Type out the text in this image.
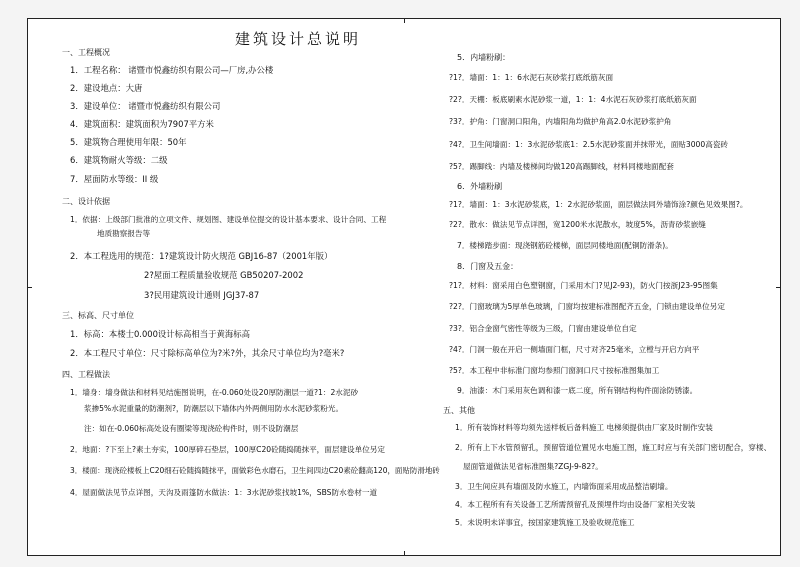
建筑设计总说明
一、工程概况
1．工程名称： 诸暨市悦鑫纺织有限公司—厂房,办公楼
2．建设地点：大唐
3．建设单位： 诸暨市悦鑫纺织有限公司
4．建筑面积：建筑面积为7907平方米
5．建筑物合理使用年限：50年
6．建筑物耐火等级：二级
7．屋面防水等级：II 级
二、设计依据
1．依据：上级部门批准的立项文件、规划图、建设单位提交的设计基本要求、设计合同、工程
地质勘察报告等
2．本工程选用的规范：1?建筑设计防火规范 GBJ16-87（2001年版）
2?屋面工程质量验收规范 GB50207-2002
3?民用建筑设计通则 JGJ37-87
三、标高、尺寸单位
1．标高：本楼士0.000设计标高相当于黄海标高
2．本工程尺寸单位：尺寸除标高单位为?米?外，其余尺寸单位均为?毫米?
四、工程做法
1．墙身：墙身做法和材料见结施图说明，在-0.060处设20厚防潮层一道?1：2水泥砂
浆掺5%水泥重量的防潮剂?，防潮层以下墙体内外两侧用防水水泥砂浆粉光。
注：如在-0.060标高处设有圈梁等现浇砼构件时，则不设防潮层
2．地面：?下至上?素土夯实，100厚碎石垫层，100厚C20砼随捣随抹平，面层建设单位另定
3．楼面：现浇砼楼板上C20细石砼随捣随抹平，面做彩色水磨石，卫生间四边C20素砼翻高120，面贴防滑地砖
4．屋面做法见节点详图，天沟及雨篷防水做法：1：3水泥砂浆找坡1%，SBS防水卷材一道
5．内墙粉刷：
?1?．墙面：1：1：6水泥石灰砂浆打底纸筋灰面
?2?．天棚：板底刷素水泥砂浆一道，1：1：4水泥石灰砂浆打底纸筋灰面
?3?．护角：门窗洞口阳角，内墙阳角均做护角高2.0水泥砂浆护角
?4?．卫生间墙面：1：3水泥砂浆底1：2.5水泥砂浆面并抹带光，面贴3000高瓷砖
?5?．踢脚线：内墙及楼梯间均做120高踢脚线，材料同楼地面配套
6．外墙粉刷
?1?．墙面：1：3水泥砂浆底，1：2水泥砂浆面，面层做法同外墙饰涂?颜色见效果图?。
?2?．散水：做法见节点详图，宽1200米水泥散水，坡度5%，沥青砂浆嵌缝
7．楼梯踏步面：现浇钢筋砼楼梯，面层同楼地面(配铜防滑条)。
8．门窗及五金：
?1?．材料：窗采用白色塑钢窗，门采用木门?见J2-93)，防火门按浙J23-95图集
?2?．门窗玻璃为5厚单色玻璃，门窗均按建标准图配齐五金，门锁由建设单位另定
?3?．铝合金窗气密性等级为三级，门窗由建设单位自定
?4?．门洞一般在开启一侧墙面门框，尺寸对齐25毫米，立樘与开启方向平
?5?．本工程中非标准门窗均参照门窗洞口尺寸按标准图集加工
9．油漆：木门采用灰色调和漆一底二度，所有钢结构构件面涂防锈漆。
五、其他
1．所有装饰材料等均须先送样板后备料施工 电梯须提供由厂家及时制作安装
2．所有上下水管预留孔，预留管道位置见水电施工图，施工时应与有关部门密切配合，穿楼、
屋面管道做法见省标准图集?ZGJ-9-82?。
3．卫生间应具有墙面及防水施工，内墙饰面采用成品整洁刷墙。
4．本工程所有有关设备工艺所需预留孔及预埋件均由设备厂家相关安装
5．未说明未详事宜，按国家建筑施工及验收规范施工
